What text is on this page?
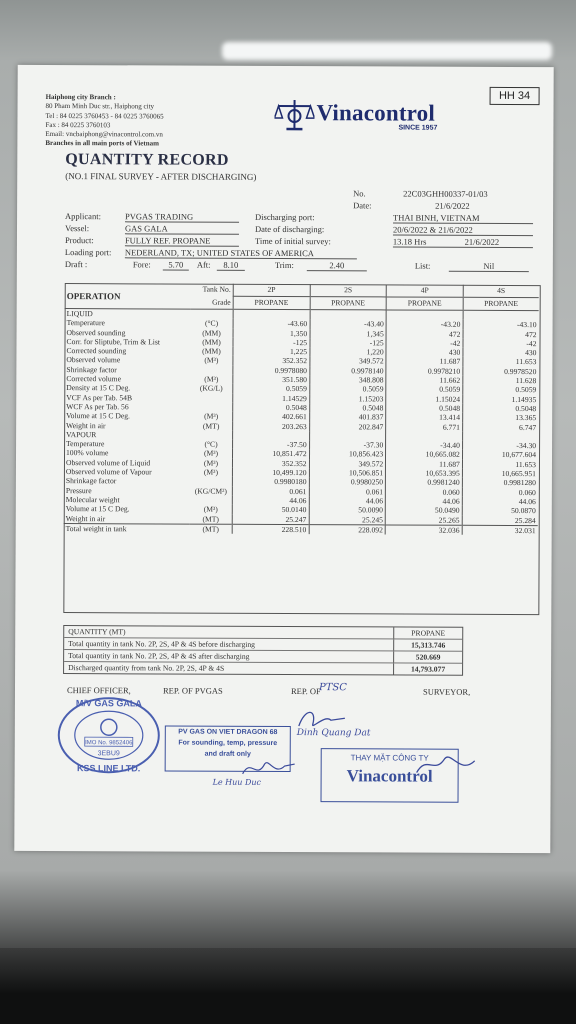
HH 34
Haiphong city Branch :
80 Pham Minh Duc str., Haiphong city
Tel : 84 0225 3760453 - 84 0225 3760065
Fax : 84 0225 3760103
Email: vncbaiphong@vinacontrol.com.vn
Branches in all main ports of Vietnam
Vinacontrol
SINCE 1957
QUANTITY RECORD
(NO.1 FINAL SURVEY - AFTER DISCHARGING)
No.	22C03GHH00337-01/03
Date:	21/6/2022
Applicant:	PVGAS TRADING
Vessel:	GAS GALA
Product:	FULLY REF. PROPANE
Loading port: NEDERLAND, TX; UNITED STATES OF AMERICA
Discharging port:	THAI BINH, VIETNAM
Date of discharging:	20/6/2022 & 21/6/2022
Time of initial survey:	13.18 Hrs	21/6/2022
Draft :	Fore:	5.70	Aft:	8.10	Trim:	2.40	List:	Nil
OPERATION	Tank No.	2P	2S	4P	4S
	Grade	PROPANE	PROPANE	PROPANE	PROPANE
LIQUID					
Temperature	(°C)	-43.60	-43.40	-43.20	-43.10
Observed sounding	(MM)	1,350	1,345	472	472
Corr. for Sliptube, Trim & List	(MM)	-125	-125	-42	-42
Corrected sounding	(MM)	1,225	1,220	430	430
Observed volume	(M³)	352.352	349.572	11.687	11.653
Shrinkage factor		0.9978080	0.9978140	0.9978210	0.9978520
Corrected volume	(M³)	351.580	348.808	11.662	11.628
Density at 15 C Deg.	(KG/L)	0.5059	0.5059	0.5059	0.5059
VCF As per Tab. 54B		1.14529	1.15203	1.15024	1.14935
WCF As per Tab. 56		0.5048	0.5048	0.5048	0.5048
Volume at 15 C Deg.	(M³)	402.661	401.837	13.414	13.365
Weight in air	(MT)	203.263	202.847	6.771	6.747
VAPOUR					
Temperature	(°C)	-37.50	-37.30	-34.40	-34.30
100% volume	(M³)	10,851.472	10,856.423	10,665.082	10,677.604
Observed volume of Liquid	(M³)	352.352	349.572	11.687	11.653
Observed volume of Vapour	(M³)	10,499.120	10,506.851	10,653.395	10,665.951
Shrinkage factor		0.9980180	0.9980250	0.9981240	0.9981280
Pressure	(KG/CM²)	0.061	0.061	0.060	0.060
Molecular weight		44.06	44.06	44.06	44.06
Volume at 15 C Deg.	(M³)	50.0140	50.0090	50.0490	50.0870
Weight in air	(MT)	25.247	25.245	25.265	25.284
Total weight in tank	(MT)	228.510	228.092	32.036	32.031
QUANTITY (MT)	PROPANE
Total quantity in tank No. 2P, 2S, 4P & 4S before discharging	15,313.746
Total quantity in tank No. 2P, 2S, 4P & 4S after discharging	520.669
Discharged quantity from tank No. 2P, 2S, 4P & 4S	14,793.077
CHIEF OFFICER,	REP. OF PVGAS	REP. OF
PTSC	SURVEYOR,
IMO No. 9852406
3EBU9
M/V GAS GALA
KSS LINE LTD.
PV GAS ON VIET DRAGON 68
For sounding, temp, pressure
and draft only
Dinh Quang Dat
Le Huu Duc
THAY MẶT CÔNG TY
Vinacontrol
